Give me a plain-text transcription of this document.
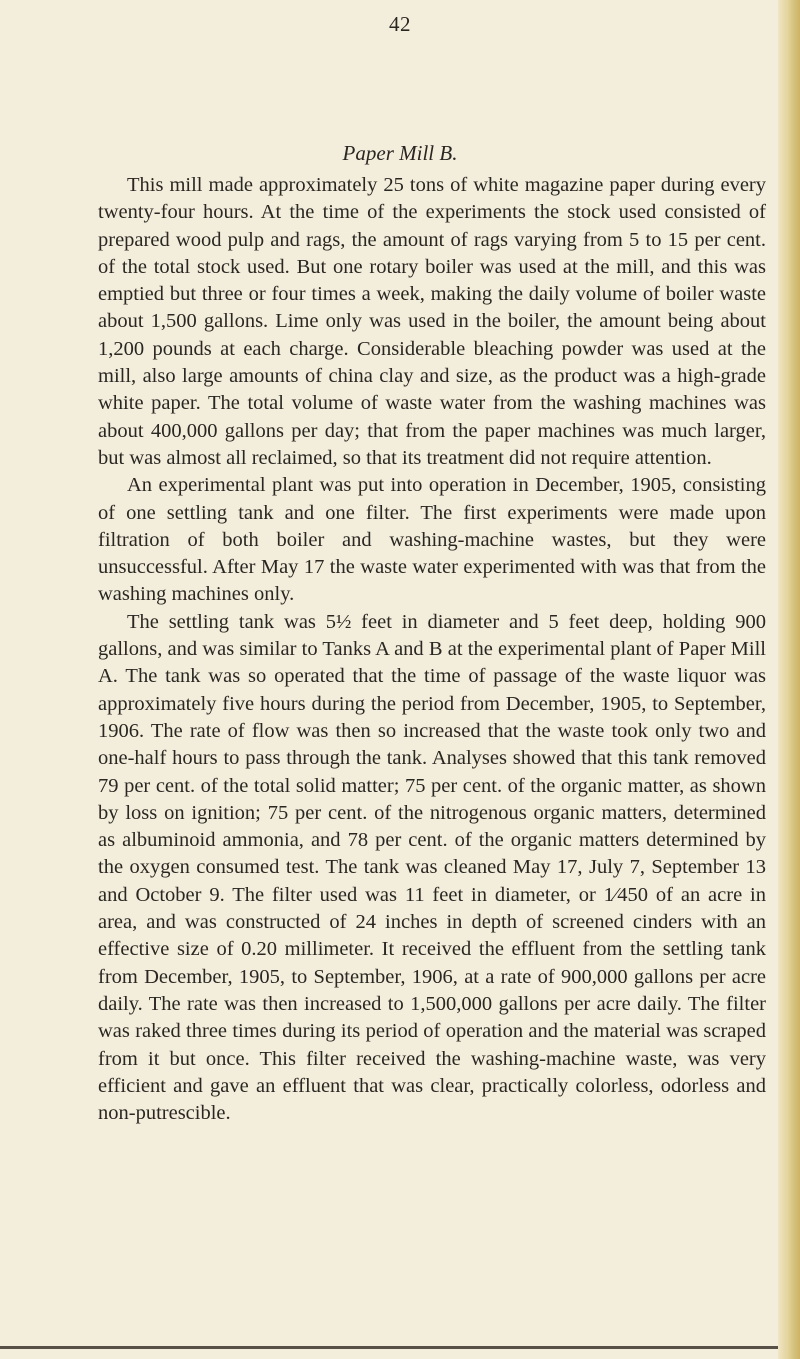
42
Paper Mill B.

This mill made approximately 25 tons of white magazine paper during every twenty-four hours. At the time of the experiments the stock used consisted of prepared wood pulp and rags, the amount of rags varying from 5 to 15 per cent. of the total stock used. But one rotary boiler was used at the mill, and this was emptied but three or four times a week, making the daily volume of boiler waste about 1,500 gallons. Lime only was used in the boiler, the amount being about 1,200 pounds at each charge. Considerable bleaching powder was used at the mill, also large amounts of china clay and size, as the product was a high-grade white paper. The total volume of waste water from the washing machines was about 400,000 gallons per day; that from the paper machines was much larger, but was almost all reclaimed, so that its treatment did not require attention.

An experimental plant was put into operation in December, 1905, consisting of one settling tank and one filter. The first experiments were made upon filtration of both boiler and washing-machine wastes, but they were unsuccessful. After May 17 the waste water experimented with was that from the washing machines only.

The settling tank was 5½ feet in diameter and 5 feet deep, holding 900 gallons, and was similar to Tanks A and B at the experimental plant of Paper Mill A. The tank was so operated that the time of passage of the waste liquor was approximately five hours during the period from December, 1905, to September, 1906. The rate of flow was then so increased that the waste took only two and one-half hours to pass through the tank. Analyses showed that this tank removed 79 per cent. of the total solid matter; 75 per cent. of the organic matter, as shown by loss on ignition; 75 per cent. of the nitrogenous organic matters, determined as albuminoid ammonia, and 78 per cent. of the organic matters determined by the oxygen consumed test. The tank was cleaned May 17, July 7, September 13 and October 9. The filter used was 11 feet in diameter, or 1⁄450 of an acre in area, and was constructed of 24 inches in depth of screened cinders with an effective size of 0.20 millimeter. It received the effluent from the settling tank from December, 1905, to September, 1906, at a rate of 900,000 gallons per acre daily. The rate was then increased to 1,500,000 gallons per acre daily. The filter was raked three times during its period of operation and the material was scraped from it but once. This filter received the washing-machine waste, was very efficient and gave an effluent that was clear, practically colorless, odorless and non-putrescible.
